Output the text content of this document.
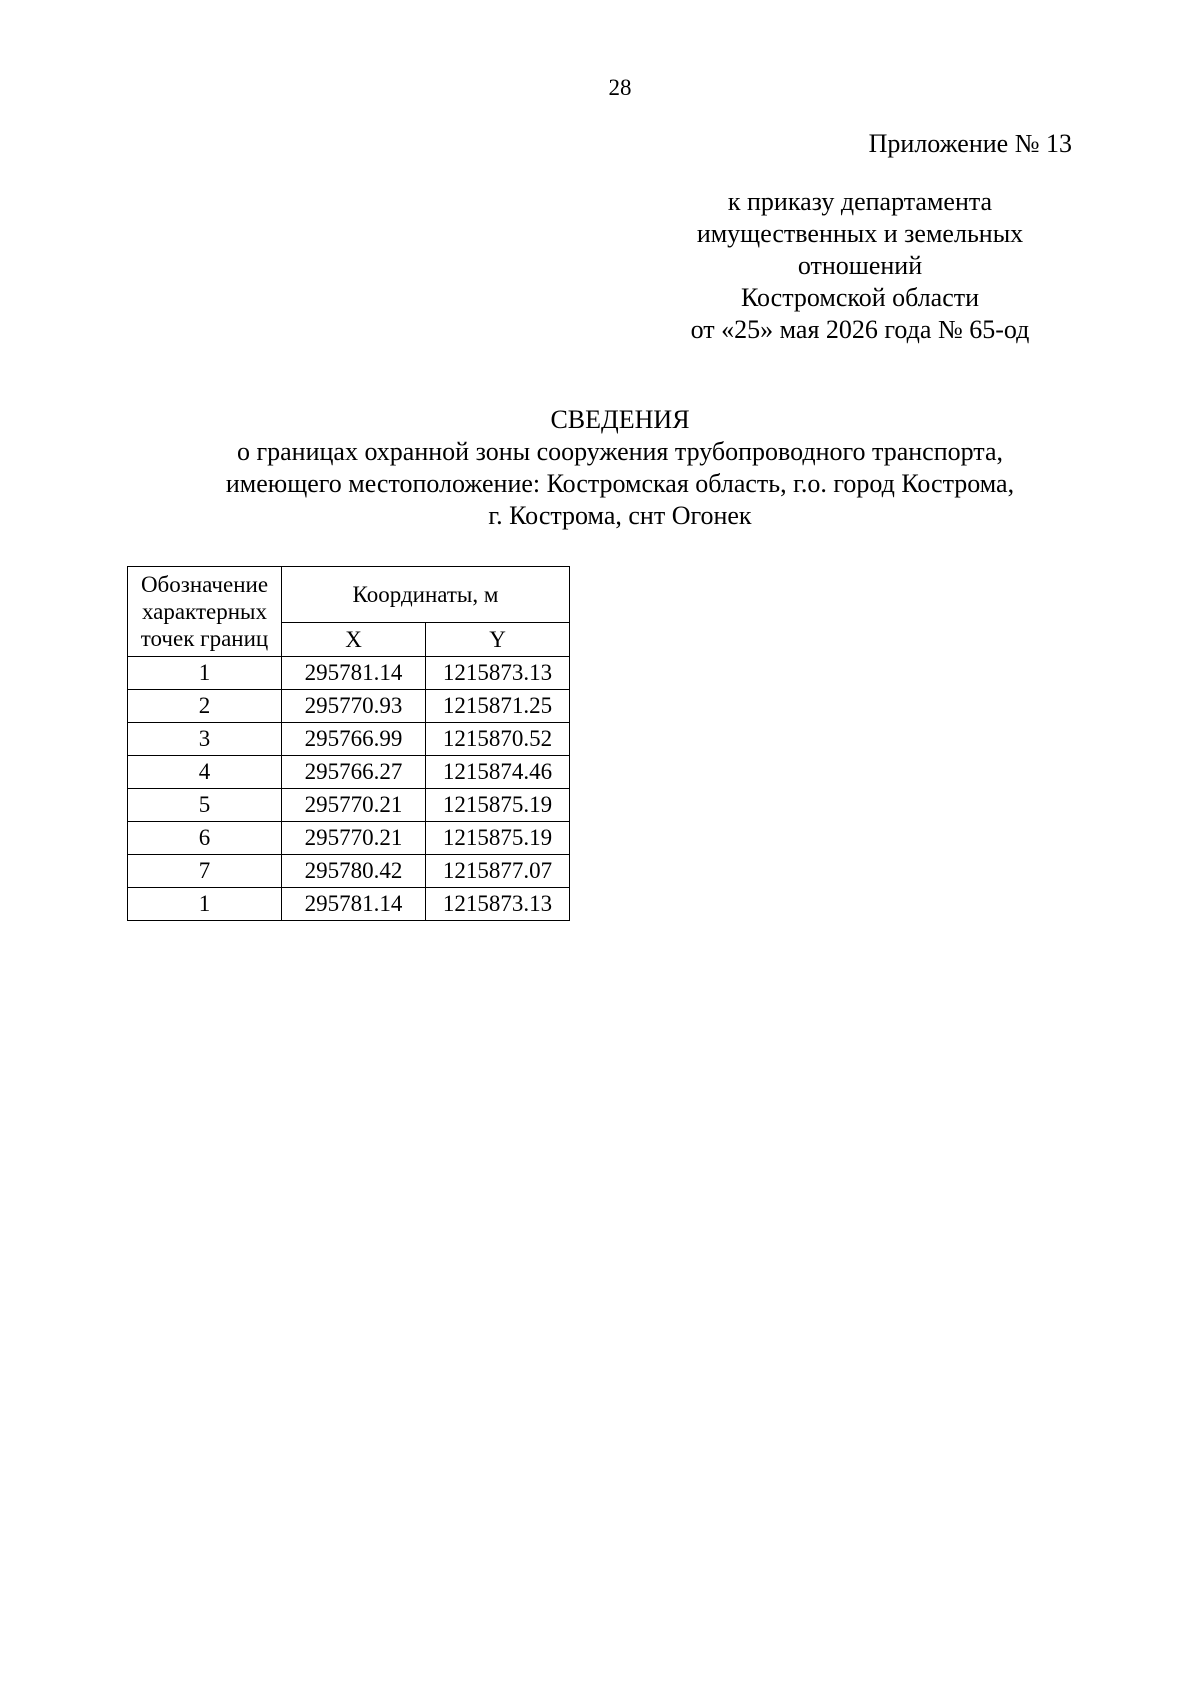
28
Приложение № 13
к приказу департамента
имущественных и земельных
отношений
Костромской области
от «25» мая 2026 года № 65-од
СВЕДЕНИЯ
о границах охранной зоны сооружения трубопроводного транспорта,
имеющего местоположение: Костромская область, г.о. город Кострома,
г. Кострома, снт Огонек
Обозначение
характерных
точек границ	Координаты, м	
	X	Y
1	295781.14	1215873.13
2	295770.93	1215871.25
3	295766.99	1215870.52
4	295766.27	1215874.46
5	295770.21	1215875.19
6	295770.21	1215875.19
7	295780.42	1215877.07
1	295781.14	1215873.13
